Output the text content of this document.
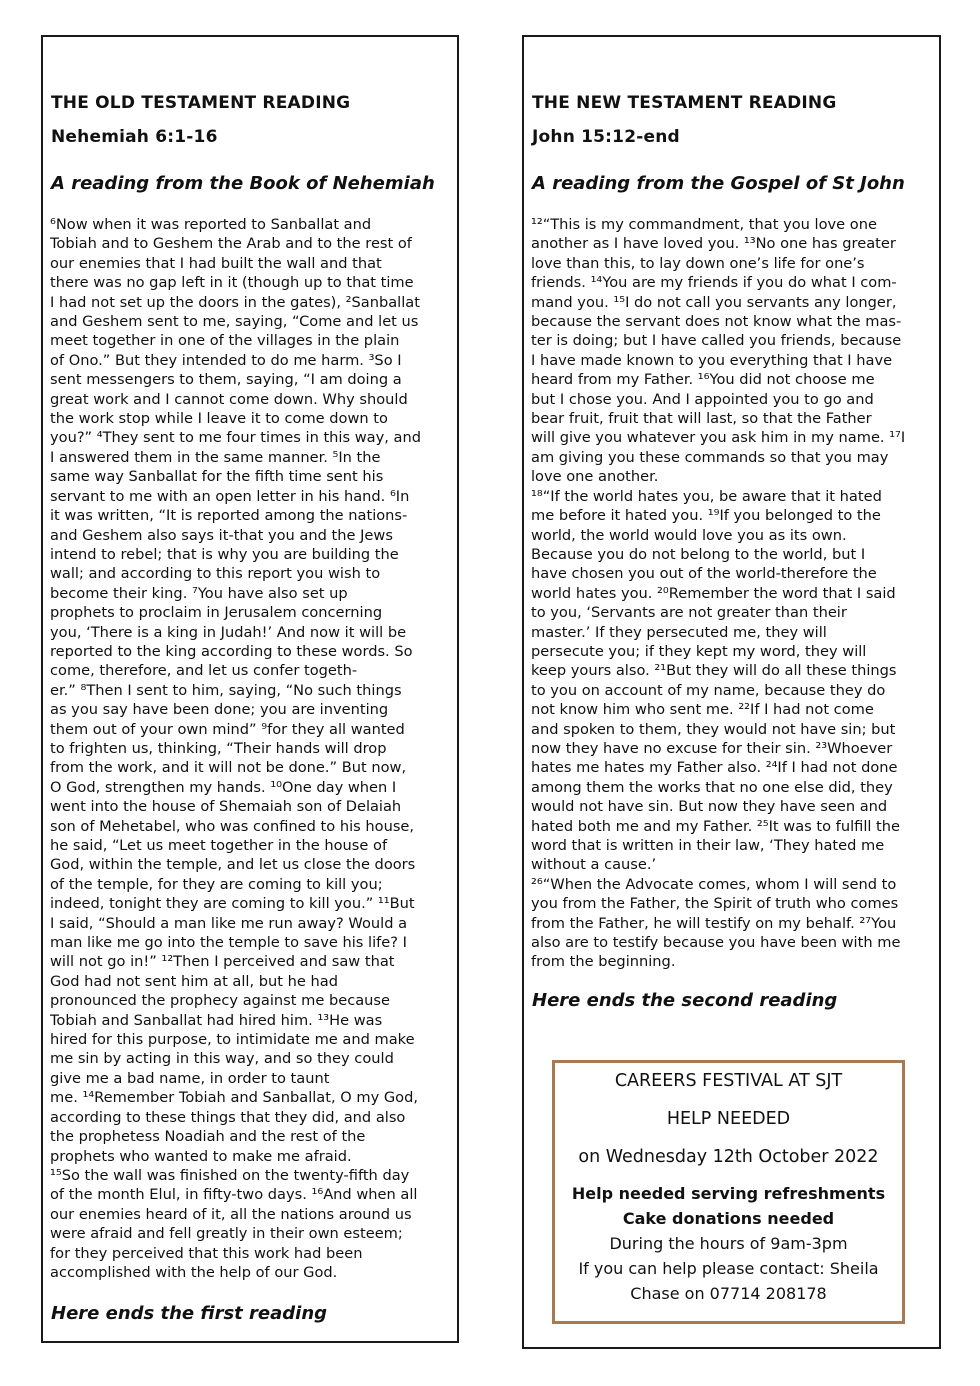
THE OLD TESTAMENT READING

Nehemiah 6:1-16

A reading from the Book of Nehemiah

⁶Now when it was reported to Sanballat and
Tobiah and to Geshem the Arab and to the rest of
our enemies that I had built the wall and that
there was no gap left in it (though up to that time
I had not set up the doors in the gates), ²Sanballat
and Geshem sent to me, saying, “Come and let us
meet together in one of the villages in the plain
of Ono.” But they intended to do me harm. ³So I
sent messengers to them, saying, “I am doing a
great work and I cannot come down. Why should
the work stop while I leave it to come down to
you?” ⁴They sent to me four times in this way, and
I answered them in the same manner. ⁵In the
same way Sanballat for the fifth time sent his
servant to me with an open letter in his hand. ⁶In
it was written, “It is reported among the nations-
and Geshem also says it-that you and the Jews
intend to rebel; that is why you are building the
wall; and according to this report you wish to
become their king. ⁷You have also set up
prophets to proclaim in Jerusalem concerning
you, ‘There is a king in Judah!’ And now it will be
reported to the king according to these words. So
come, therefore, and let us confer togeth-
er.” ⁸Then I sent to him, saying, “No such things
as you say have been done; you are inventing
them out of your own mind” ⁹for they all wanted
to frighten us, thinking, “Their hands will drop
from the work, and it will not be done.” But now,
O God, strengthen my hands. ¹⁰One day when I
went into the house of Shemaiah son of Delaiah
son of Mehetabel, who was confined to his house,
he said, “Let us meet together in the house of
God, within the temple, and let us close the doors
of the temple, for they are coming to kill you;
indeed, tonight they are coming to kill you.” ¹¹But
I said, “Should a man like me run away? Would a
man like me go into the temple to save his life? I
will not go in!” ¹²Then I perceived and saw that
God had not sent him at all, but he had
pronounced the prophecy against me because
Tobiah and Sanballat had hired him. ¹³He was
hired for this purpose, to intimidate me and make
me sin by acting in this way, and so they could
give me a bad name, in order to taunt
me. ¹⁴Remember Tobiah and Sanballat, O my God,
according to these things that they did, and also
the prophetess Noadiah and the rest of the
prophets who wanted to make me afraid.
¹⁵So the wall was finished on the twenty-fifth day
of the month Elul, in fifty-two days. ¹⁶And when all
our enemies heard of it, all the nations around us
were afraid and fell greatly in their own esteem;
for they perceived that this work had been
accomplished with the help of our God.

Here ends the first reading

THE NEW TESTAMENT READING

John 15:12-end

A reading from the Gospel of St John

¹²“This is my commandment, that you love one
another as I have loved you. ¹³No one has greater
love than this, to lay down one’s life for one’s
friends. ¹⁴You are my friends if you do what I com-
mand you. ¹⁵I do not call you servants any longer,
because the servant does not know what the mas-
ter is doing; but I have called you friends, because
I have made known to you everything that I have
heard from my Father. ¹⁶You did not choose me
but I chose you. And I appointed you to go and
bear fruit, fruit that will last, so that the Father
will give you whatever you ask him in my name. ¹⁷I
am giving you these commands so that you may
love one another.
¹⁸“If the world hates you, be aware that it hated
me before it hated you. ¹⁹If you belonged to the
world, the world would love you as its own.
Because you do not belong to the world, but I
have chosen you out of the world-therefore the
world hates you. ²⁰Remember the word that I said
to you, ‘Servants are not greater than their
master.’ If they persecuted me, they will
persecute you; if they kept my word, they will
keep yours also. ²¹But they will do all these things
to you on account of my name, because they do
not know him who sent me. ²²If I had not come
and spoken to them, they would not have sin; but
now they have no excuse for their sin. ²³Whoever
hates me hates my Father also. ²⁴If I had not done
among them the works that no one else did, they
would not have sin. But now they have seen and
hated both me and my Father. ²⁵It was to fulfill the
word that is written in their law, ‘They hated me
without a cause.’
²⁶“When the Advocate comes, whom I will send to
you from the Father, the Spirit of truth who comes
from the Father, he will testify on my behalf. ²⁷You
also are to testify because you have been with me
from the beginning.

Here ends the second reading

CAREERS FESTIVAL AT SJT
HELP NEEDED
on Wednesday 12th October 2022
Help needed serving refreshments
Cake donations needed
During the hours of 9am-3pm
If you can help please contact: Sheila
Chase on 07714 208178
